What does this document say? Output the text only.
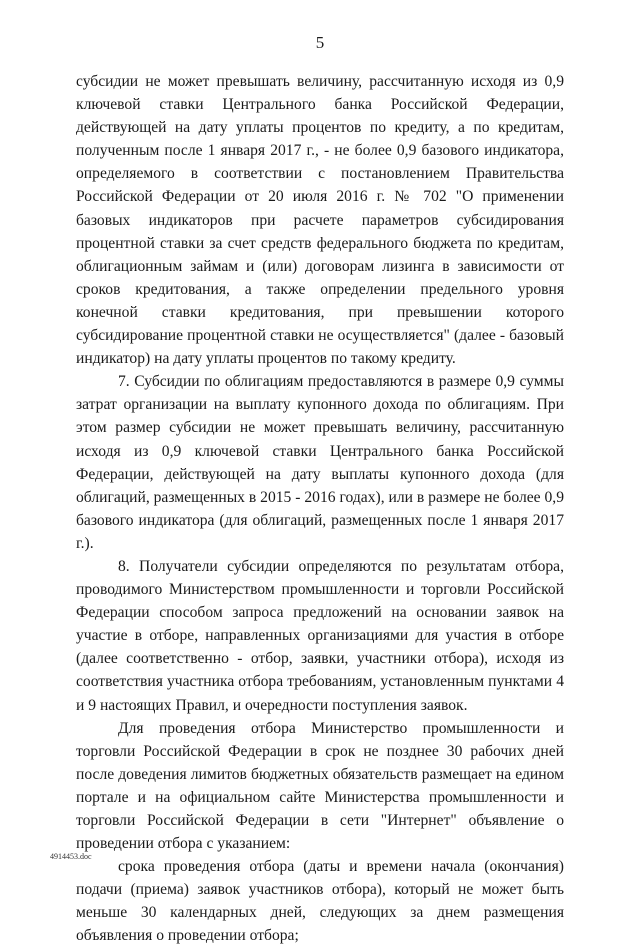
5

субсидии не может превышать величину, рассчитанную исходя из 0,9 ключевой ставки Центрального банка Российской Федерации, действующей на дату уплаты процентов по кредиту, а по кредитам, полученным после 1 января 2017 г., - не более 0,9 базового индикатора, определяемого в соответствии с постановлением Правительства Российской Федерации от 20 июля 2016 г. № 702 "О применении базовых индикаторов при расчете параметров субсидирования процентной ставки за счет средств федерального бюджета по кредитам, облигационным займам и (или) договорам лизинга в зависимости от сроков кредитования, а также определении предельного уровня конечной ставки кредитования, при превышении которого субсидирование процентной ставки не осуществляется" (далее - базовый индикатор) на дату уплаты процентов по такому кредиту.

7. Субсидии по облигациям предоставляются в размере 0,9 суммы затрат организации на выплату купонного дохода по облигациям. При этом размер субсидии не может превышать величину, рассчитанную исходя из 0,9 ключевой ставки Центрального банка Российской Федерации, действующей на дату выплаты купонного дохода (для облигаций, размещенных в 2015 - 2016 годах), или в размере не более 0,9 базового индикатора (для облигаций, размещенных после 1 января 2017 г.).

8. Получатели субсидии определяются по результатам отбора, проводимого Министерством промышленности и торговли Российской Федерации способом запроса предложений на основании заявок на участие в отборе, направленных организациями для участия в отборе (далее соответственно - отбор, заявки, участники отбора), исходя из соответствия участника отбора требованиям, установленным пунктами 4 и 9 настоящих Правил, и очередности поступления заявок.

Для проведения отбора Министерство промышленности и торговли Российской Федерации в срок не позднее 30 рабочих дней после доведения лимитов бюджетных обязательств размещает на едином портале и на официальном сайте Министерства промышленности и торговли Российской Федерации в сети "Интернет" объявление о проведении отбора с указанием:

срока проведения отбора (даты и времени начала (окончания) подачи (приема) заявок участников отбора), который не может быть меньше 30 календарных дней, следующих за днем размещения объявления о проведении отбора;

4914453.doc
